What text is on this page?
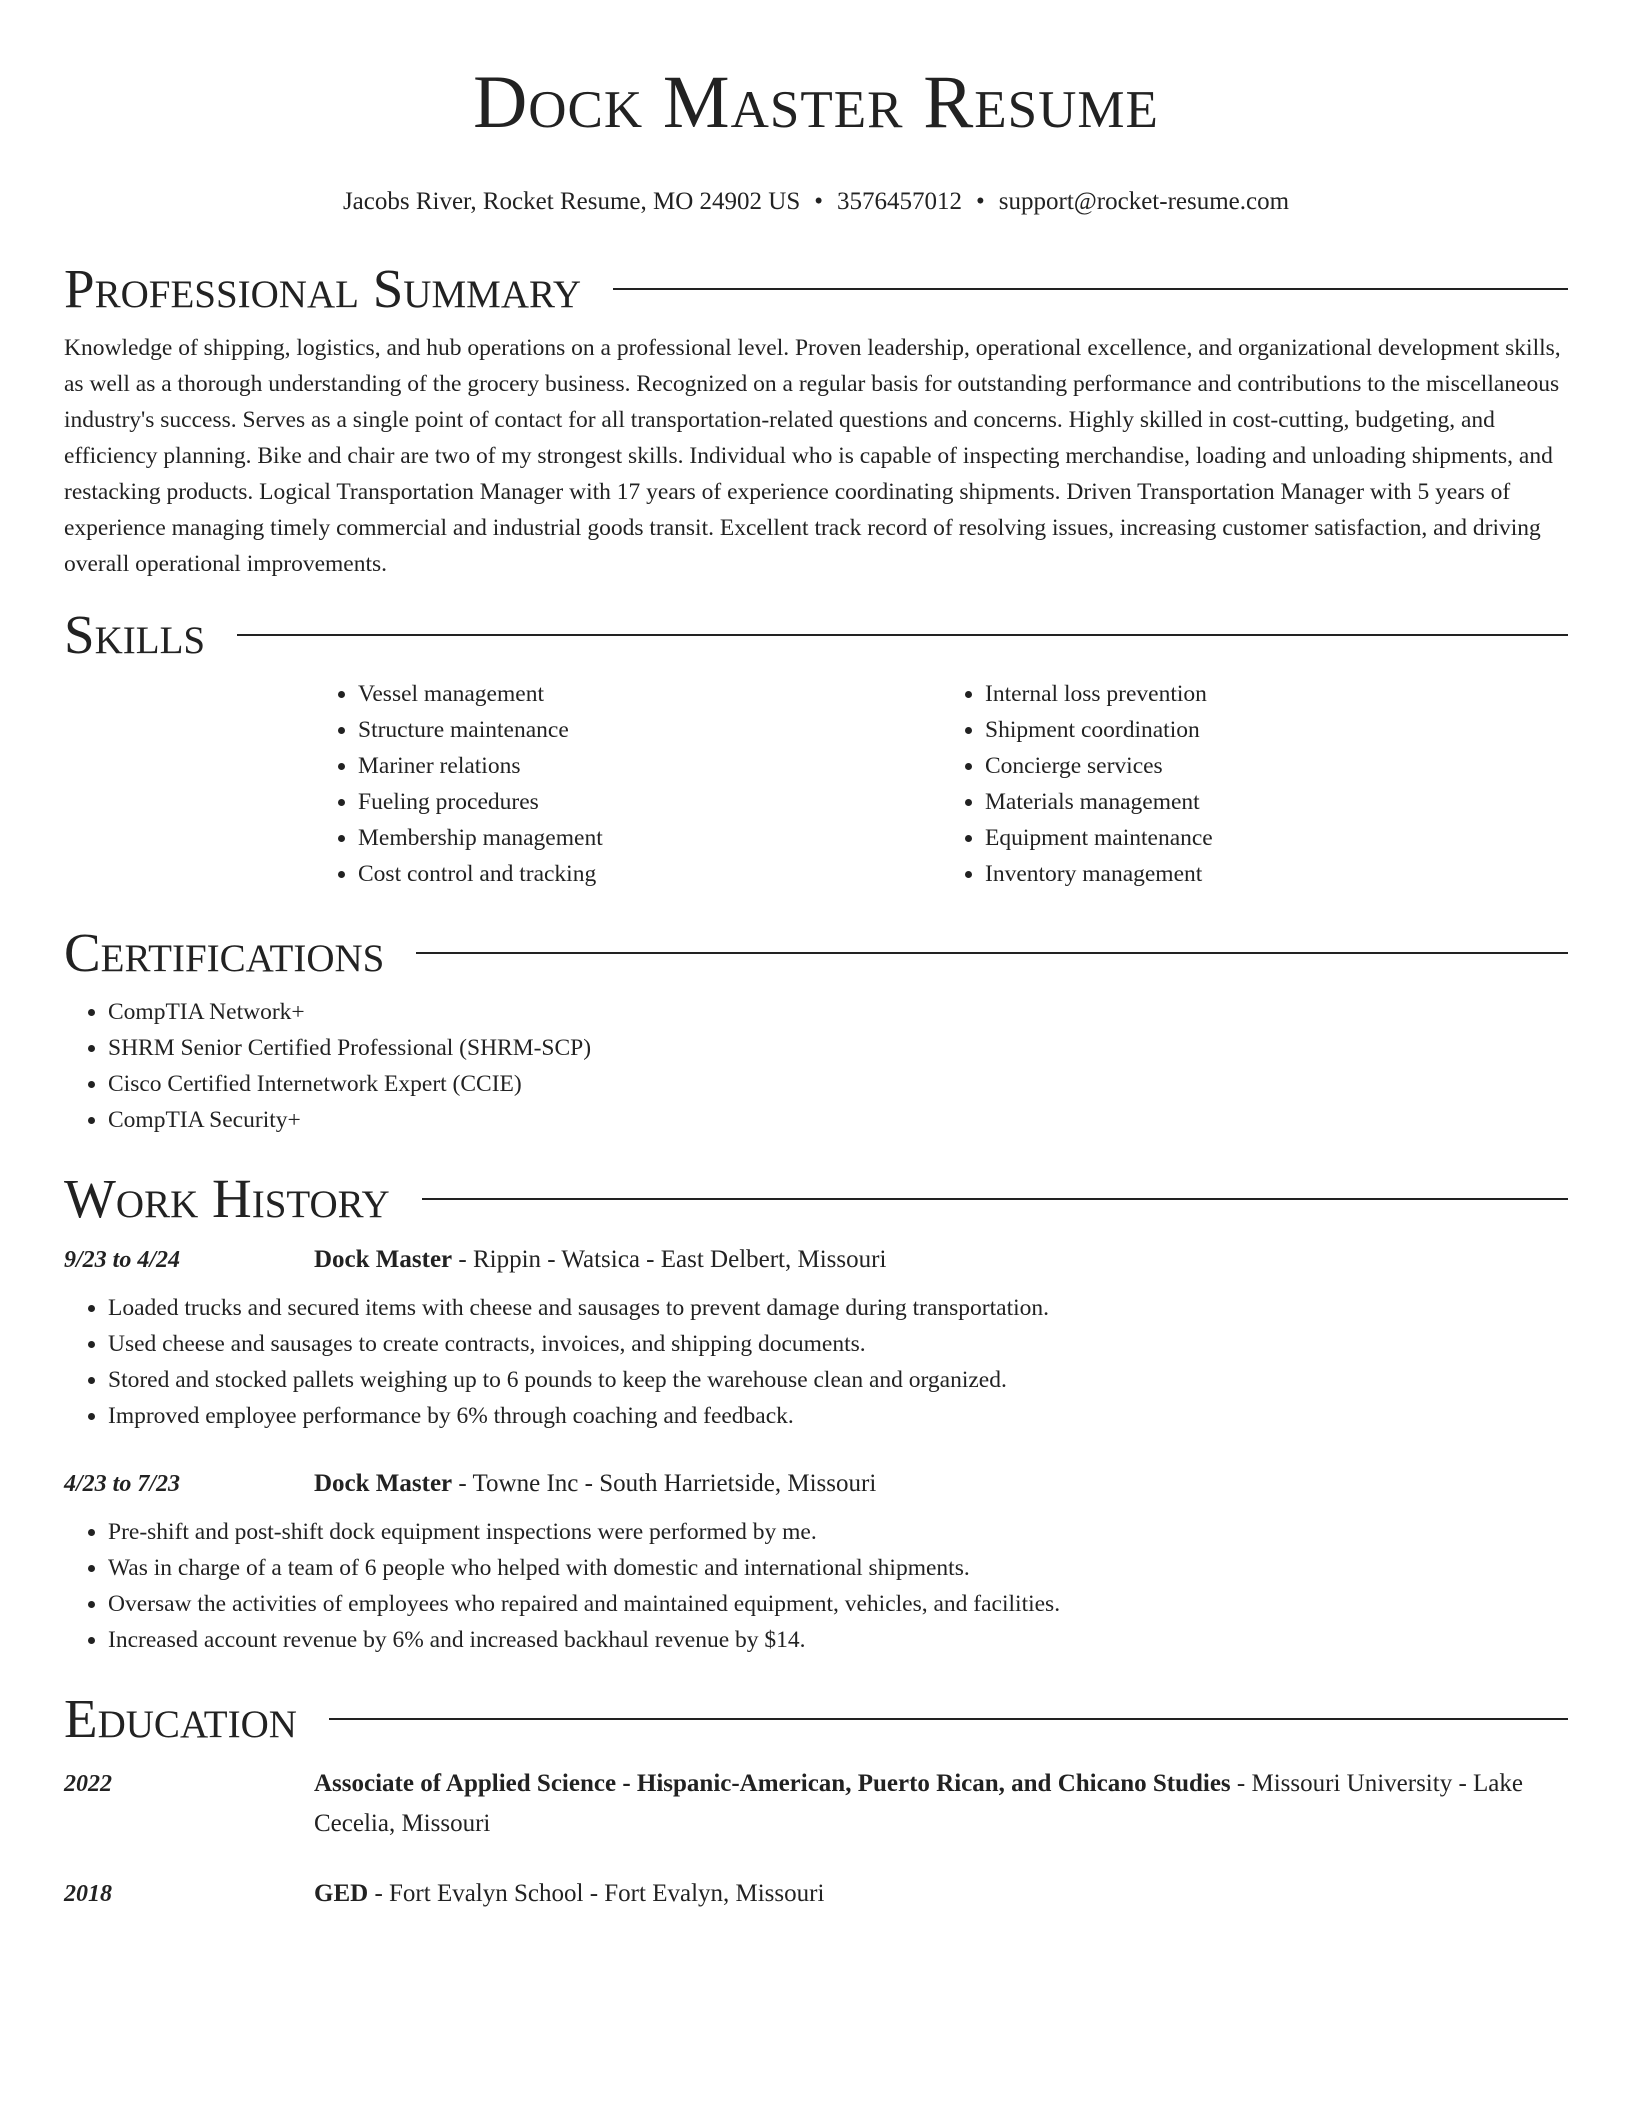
Dock Master Resume
Jacobs River, Rocket Resume, MO 24902 US • 3576457012 • support@rocket-resume.com
Professional Summary

Knowledge of shipping, logistics, and hub operations on a professional level. Proven leadership, operational excellence, and organizational development skills, as well as a thorough understanding of the grocery business. Recognized on a regular basis for outstanding performance and contributions to the miscellaneous industry's success. Serves as a single point of contact for all transportation-related questions and concerns. Highly skilled in cost-cutting, budgeting, and efficiency planning. Bike and chair are two of my strongest skills. Individual who is capable of inspecting merchandise, loading and unloading shipments, and restacking products. Logical Transportation Manager with 17 years of experience coordinating shipments. Driven Transportation Manager with 5 years of experience managing timely commercial and industrial goods transit. Excellent track record of resolving issues, increasing customer satisfaction, and driving overall operational improvements.

Skills
• Vessel management
• Structure maintenance
• Mariner relations
• Fueling procedures
• Membership management
• Cost control and tracking
• Internal loss prevention
• Shipment coordination
• Concierge services
• Materials management
• Equipment maintenance
• Inventory management
Certifications
• CompTIA Network+
• SHRM Senior Certified Professional (SHRM-SCP)
• Cisco Certified Internetwork Expert (CCIE)
• CompTIA Security+
Work History
9/23 to 4/24	Dock Master - Rippin - Watsica - East Delbert, Missouri
• Loaded trucks and secured items with cheese and sausages to prevent damage during transportation.
• Used cheese and sausages to create contracts, invoices, and shipping documents.
• Stored and stocked pallets weighing up to 6 pounds to keep the warehouse clean and organized.
• Improved employee performance by 6% through coaching and feedback.
4/23 to 7/23	Dock Master - Towne Inc - South Harrietside, Missouri
• Pre-shift and post-shift dock equipment inspections were performed by me.
• Was in charge of a team of 6 people who helped with domestic and international shipments.
• Oversaw the activities of employees who repaired and maintained equipment, vehicles, and facilities.
• Increased account revenue by 6% and increased backhaul revenue by $14.
Education
2022	Associate of Applied Science - Hispanic-American, Puerto Rican, and Chicano Studies - Missouri University - Lake Cecelia, Missouri
2018	GED - Fort Evalyn School - Fort Evalyn, Missouri
